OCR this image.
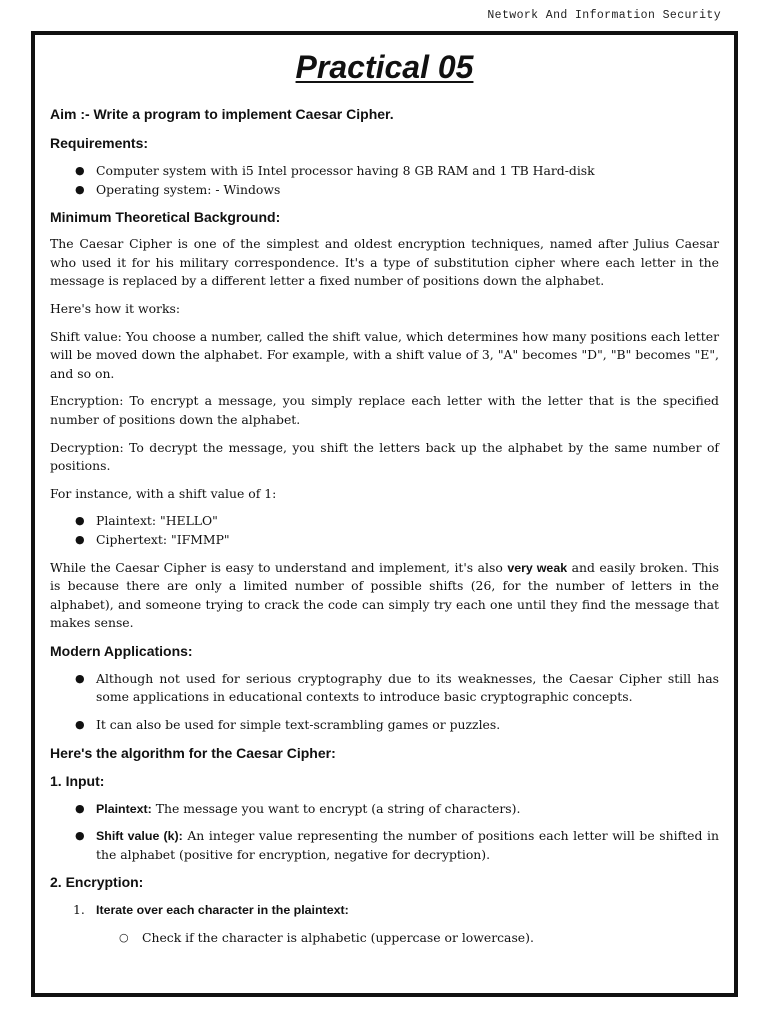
Network And Information Security
Practical 05

Aim :- Write a program to implement Caesar Cipher.

Requirements:

● Computer system with i5 Intel processor having 8 GB RAM and 1 TB Hard-disk
● Operating system: - Windows

Minimum Theoretical Background:

The Caesar Cipher is one of the simplest and oldest encryption techniques, named after Julius Caesar who used it for his military correspondence. It's a type of substitution cipher where each letter in the message is replaced by a different letter a fixed number of positions down the alphabet.

Here's how it works:

Shift value: You choose a number, called the shift value, which determines how many positions each letter will be moved down the alphabet. For example, with a shift value of 3, "A" becomes "D", "B" becomes "E", and so on.

Encryption: To encrypt a message, you simply replace each letter with the letter that is the specified number of positions down the alphabet.

Decryption: To decrypt the message, you shift the letters back up the alphabet by the same number of positions.

For instance, with a shift value of 1:

● Plaintext: "HELLO"
● Ciphertext: "IFMMP"

While the Caesar Cipher is easy to understand and implement, it's also very weak and easily broken. This is because there are only a limited number of possible shifts (26, for the number of letters in the alphabet), and someone trying to crack the code can simply try each one until they find the message that makes sense.

Modern Applications:

● Although not used for serious cryptography due to its weaknesses, the Caesar Cipher still has some applications in educational contexts to introduce basic cryptographic concepts.
● It can also be used for simple text-scrambling games or puzzles.

Here's the algorithm for the Caesar Cipher:

1. Input:

● Plaintext: The message you want to encrypt (a string of characters).
● Shift value (k): An integer value representing the number of positions each letter will be shifted in the alphabet (positive for encryption, negative for decryption).

2. Encryption:

1. Iterate over each character in the plaintext:
○ Check if the character is alphabetic (uppercase or lowercase).
